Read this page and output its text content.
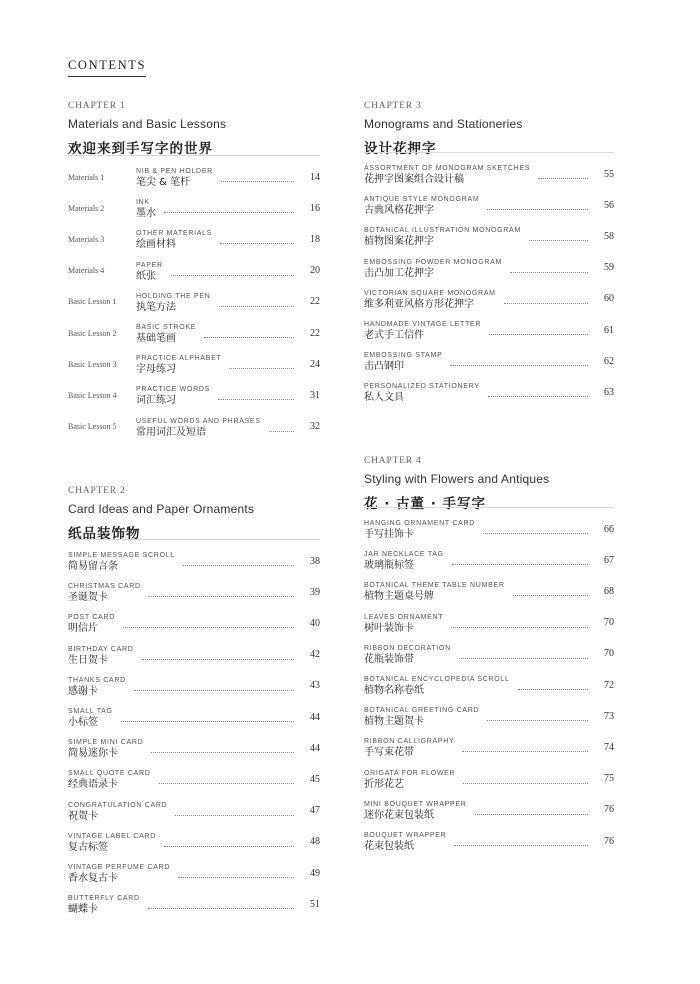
CONTENTS
CHAPTER 1
Materials and Basic Lessons
欢迎来到手写字的世界
Materials 1
NIB & PEN HOLDER
笔尖 & 笔杆	14
Materials 2
INK
墨水	16
Materials 3
OTHER MATERIALS
绘画材料	18
Materials 4
PAPER
纸张	20
Basic Lesson 1
HOLDING THE PEN
执笔方法	22
Basic Lesson 2
BASIC STROKE
基础笔画	22
Basic Lesson 3
PRACTICE ALPHABET
字母练习	24
Basic Lesson 4
PRACTICE WORDS
词汇练习	31
Basic Lesson 5
USEFUL WORDS AND PHRASES
常用词汇及短语	32
CHAPTER 2
Card Ideas and Paper Ornaments
纸品装饰物
SIMPLE MESSAGE SCROLL
简易留言条	38
CHRISTMAS CARD
圣诞贺卡	39
POST CARD
明信片	40
BIRTHDAY CARD
生日贺卡	42
THANKS CARD
感谢卡	43
SMALL TAG
小标签	44
SIMPLE MINI CARD
简易迷你卡	44
SMALL QUOTE CARD
经典语录卡	45
CONGRATULATION CARD
祝贺卡	47
VINTAGE LABEL CARD
复古标签	48
VINTAGE PERFUME CARD
香水复古卡	49
BUTTERFLY CARD
蝴蝶卡	51
CHAPTER 3
Monograms and Stationeries
设计花押字
ASSORTMENT OF MONOGRAM SKETCHES
花押字图案组合设计稿	55
ANTIQUE STYLE MONOGRAM
古典风格花押字	56
BOTANICAL ILLUSTRATION MONOGRAM
植物图案花押字	58
EMBOSSING POWDER MONOGRAM
击凸加工花押字	59
VICTORIAN SQUARE MONOGRAM
维多利亚风格方形花押字	60
HANDMADE VINTAGE LETTER
老式手工信件	61
EMBOSSING STAMP
击凸钢印	62
PERSONALIZED STATIONERY
私人文具	63
CHAPTER 4
Styling with Flowers and Antiques
花 · 古董 · 手写字
HANGING ORNAMENT CARD
手写挂饰卡	66
JAR NECKLACE TAG
玻璃瓶标签	67
BOTANICAL THEME TABLE NUMBER
植物主题桌号牌	68
LEAVES ORNAMENT
树叶装饰卡	70
RIBBON DECORATION
花瓶装饰带	70
BOTANICAL ENCYCLOPEDIA SCROLL
植物名称卷纸	72
BOTANICAL GREETING CARD
植物主题贺卡	73
RIBBON CALLIGRAPHY
手写束花带	74
ORIGATA FOR FLOWER
折形花艺	75
MINI BOUQUET WRAPPER
迷你花束包装纸	76
BOUQUET WRAPPER
花束包装纸	76
